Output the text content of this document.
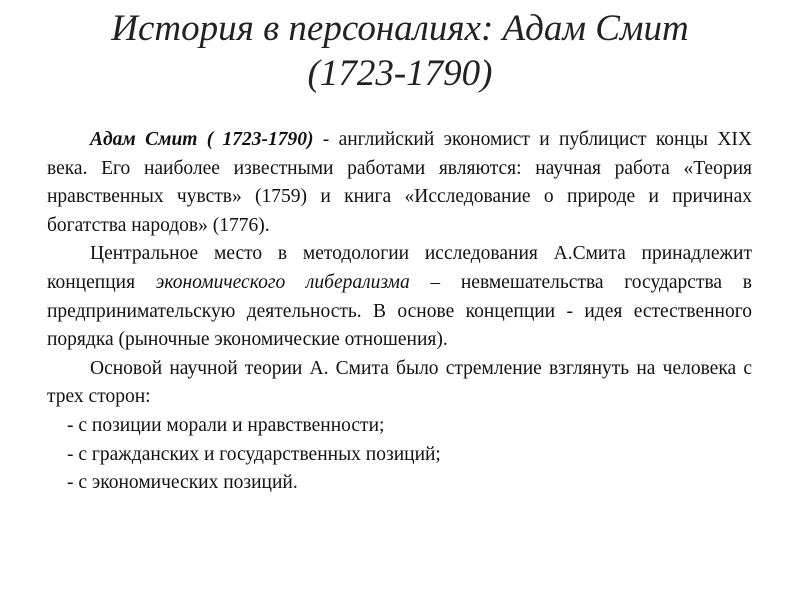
История в персоналиях: Адам Смит
(1723-1790)

Адам Смит ( 1723-1790) - английский экономист и публицист концы XIX века. Его наиболее известными работами являются: научная работа «Теория нравственных чувств» (1759) и книга «Исследование о природе и причинах богатства народов» (1776).

Центральное место в методологии исследования А.Смита принадлежит концепция экономического либерализма – невмешательства государства в предпринимательскую деятельность. В основе концепции - идея естественного порядка (рыночные экономические отношения).

Основой научной теории А. Смита было стремление взглянуть на человека с трех сторон:

- с позиции морали и нравственности;
- с гражданских и государственных позиций;
- с экономических позиций.
